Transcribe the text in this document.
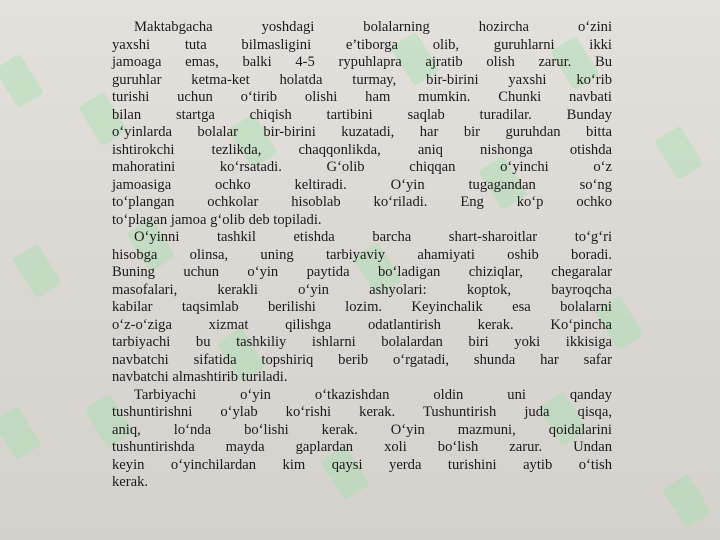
Maktabgacha yoshdagi bolalarning hozircha o‘zini
yaxshi tuta bilmasligini e’tiborga olib, guruhlarni ikki
jamoaga emas, balki 4-5 rypuhlapra ajratib olish zarur. Bu
guruhlar ketma-ket holatda turmay, bir-birini yaxshi ko‘rib
turishi uchun o‘tirib olishi ham mumkin. Chunki navbati
bilan startga chiqish tartibini saqlab turadilar. Bunday
o‘yinlarda bolalar bir-birini kuzatadi, har bir guruhdan bitta
ishtirokchi tezlikda, chaqqonlikda, aniq nishonga otishda
mahoratini ko‘rsatadi. G‘olib chiqqan o‘yinchi o‘z
jamoasiga ochko keltiradi. O‘yin tugagandan so‘ng
to‘plangan ochkolar hisoblab ko‘riladi. Eng ko‘p ochko
to‘plagan jamoa g‘olib deb topiladi.
O‘yinni tashkil etishda barcha shart-sharoitlar to‘g‘ri
hisobga olinsa, uning tarbiyaviy ahamiyati oshib boradi.
Buning uchun o‘yin paytida bo‘ladigan chiziqlar, chegaralar
masofalari, kerakli o‘yin ashyolari: koptok, bayroqcha
kabilar taqsimlab berilishi lozim. Keyinchalik esa bolalarni
o‘z-o‘ziga xizmat qilishga odatlantirish kerak. Ko‘pincha
tarbiyachi bu tashkiliy ishlarni bolalardan biri yoki ikkisiga
navbatchi sifatida topshiriq berib o‘rgatadi, shunda har safar
navbatchi almashtirib turiladi.
Tarbiyachi o‘yin o‘tkazishdan oldin uni qanday
tushuntirishni o‘ylab ko‘rishi kerak. Tushuntirish juda qisqa,
aniq, lo‘nda bo‘lishi kerak. O‘yin mazmuni, qoidalarini
tushuntirishda mayda gaplardan xoli bo‘lish zarur. Undan
keyin o‘yinchilardan kim qaysi yerda turishini aytib o‘tish
kerak.
